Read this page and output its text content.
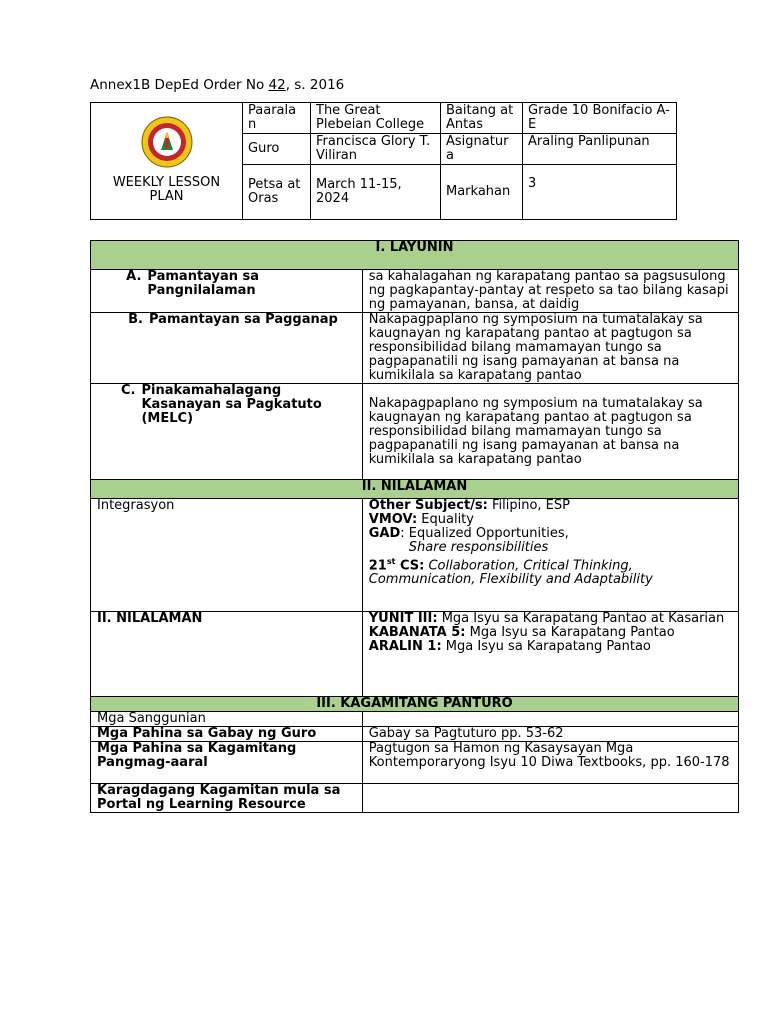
Annex1B DepEd Order No 42, s. 2016
WEEKLY LESSON PLAN	Paarala n	The Great Plebeian College	Baitang at Antas	Grade 10 Bonifacio A-E
	Guro	Francisca Glory T. Viliran	Asignatur a	Araling Panlipunan
	Petsa at Oras	March 11-15, 2024	Markahan	3
I. LAYUNIN	

A. Pamantayan sa Pangnilalaman	sa kahalagahan ng karapatang pantao sa pagsusulong ng pagkapantay-pantay at respeto sa tao bilang kasapi ng pamayanan, bansa, at daidig

B. Pamantayan sa Pagganap	Nakapagpaplano ng symposium na tumatalakay sa kaugnayan ng karapatang pantao at pagtugon sa responsibilidad bilang mamamayan tungo sa pagpapanatili ng isang pamayanan at bansa na kumikilala sa karapatang pantao

C. Pinakamahalagang Kasanayan sa Pagkatuto (MELC)	Nakapagpaplano ng symposium na tumatalakay sa kaugnayan ng karapatang pantao at pagtugon sa responsibilidad bilang mamamayan tungo sa pagpapanatili ng isang pamayanan at bansa na kumikilala sa karapatang pantao
II. NILALAMAN	
Integrasyon	Other Subject/s: Filipino, ESP
VMOV: Equality
GAD: Equalized Opportunities,
Share responsibilities
21st CS: Collaboration, Critical Thinking, Communication, Flexibility and Adaptability

II. NILALAMAN	YUNIT III: Mga Isyu sa Karapatang Pantao at Kasarian
KABANATA 5: Mga Isyu sa Karapatang Pantao
ARALIN 1: Mga Isyu sa Karapatang Pantao

III. KAGAMITANG PANTURO	
Mga Sanggunian	
Mga Pahina sa Gabay ng Guro	Gabay sa Pagtuturo pp. 53-62
Mga Pahina sa Kagamitang Pangmag-aaral	Pagtugon sa Hamon ng Kasaysayan Mga Kontemporaryong Isyu 10 Diwa Textbooks, pp. 160-178
Karagdagang Kagamitan mula sa Portal ng Learning Resource	
